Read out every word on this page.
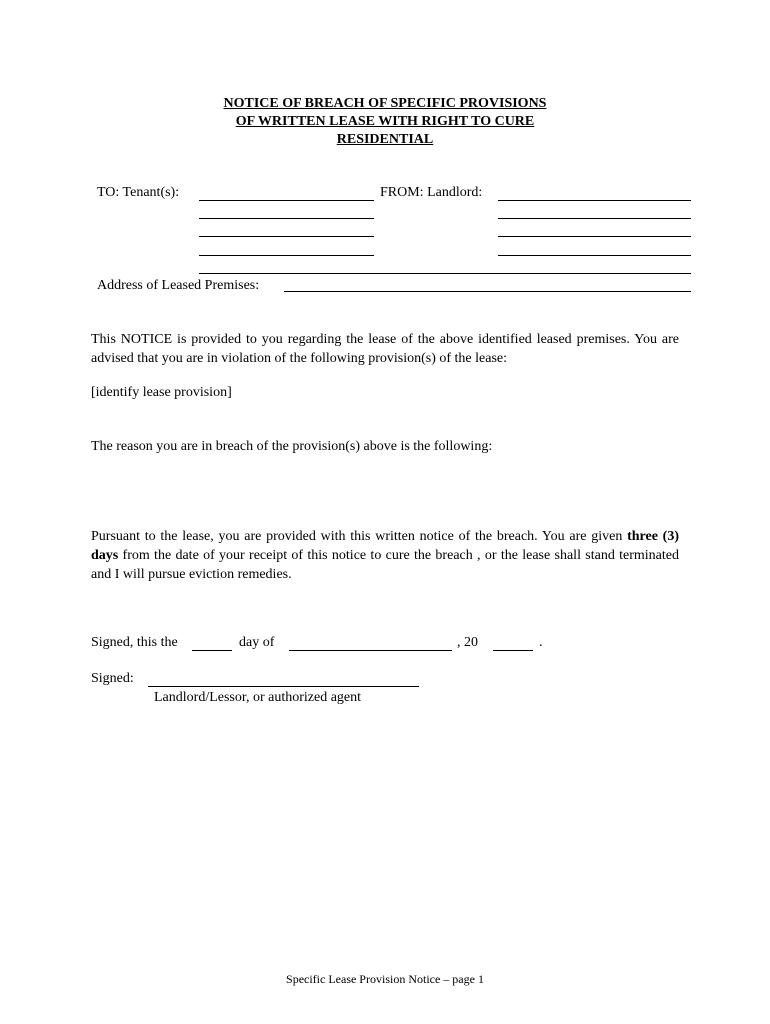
NOTICE OF BREACH OF SPECIFIC PROVISIONS
OF WRITTEN LEASE WITH RIGHT TO CURE
RESIDENTIAL
TO: Tenant(s):	FROM: Landlord:
Address of Leased Premises:
This NOTICE is provided to you regarding the lease of the above identified leased premises. You are advised that you are in violation of the following provision(s) of the lease:
[identify lease provision]
The reason you are in breach of the provision(s) above is the following:
Pursuant to the lease, you are provided with this written notice of the breach. You are given three (3) days from the date of your receipt of this notice to cure the breach , or the lease shall stand terminated and I will pursue eviction remedies.
Signed, this the	day of	, 20	.
Signed:
Landlord/Lessor, or authorized agent
Specific Lease Provision Notice – page 1
